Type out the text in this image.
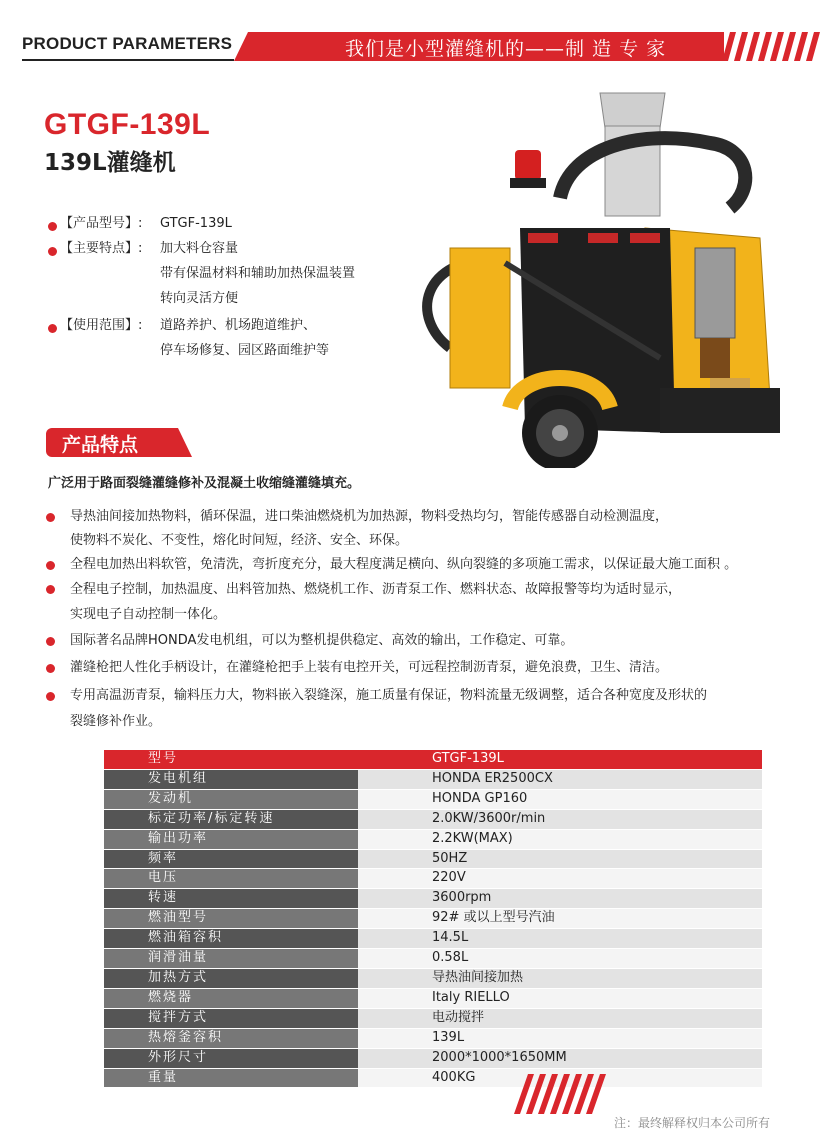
PRODUCT PARAMETERS	我们是小型灌缝机的——制 造 专 家
GTGF-139L
139L灌缝机
【产品型号】: GTGF-139L
【主要特点】: 加大料仓容量
带有保温材料和辅助加热保温装置
转向灵活方便
【使用范围】: 道路养护、机场跑道维护、
停车场修复、园区路面维护等
产品特点
广泛用于路面裂缝灌缝修补及混凝土收缩缝灌缝填充。
导热油间接加热物料，循环保温，进口柴油燃烧机为加热源，物料受热均匀，智能传感器自动检测温度，
使物料不炭化、不变性，熔化时间短，经济、安全、环保。
全程电加热出料软管，免清洗，弯折度充分，最大程度满足横向、纵向裂缝的多项施工需求，以保证最大施工面积 。
全程电子控制，加热温度、出料管加热、燃烧机工作、沥青泵工作、燃料状态、故障报警等均为适时显示，
实现电子自动控制一体化。
国际著名品牌HONDA发电机组，可以为整机提供稳定、高效的输出，工作稳定、可靠。
灌缝枪把人性化手柄设计，在灌缝枪把手上装有电控开关，可远程控制沥青泵，避免浪费，卫生、清洁。
专用高温沥青泵，输料压力大，物料嵌入裂缝深，施工质量有保证，物料流量无级调整，适合各种宽度及形状的
裂缝修补作业。
型号	GTGF-139L
发电机组	HONDA ER2500CX
发动机	HONDA GP160
标定功率/标定转速	2.0KW/3600r/min
输出功率	2.2KW(MAX)
频率	50HZ
电压	220V
转速	3600rpm
燃油型号	92# 或以上型号汽油
燃油箱容积	14.5L
润滑油量	0.58L
加热方式	导热油间接加热
燃烧器	Italy RIELLO
搅拌方式	电动搅拌
热熔釜容积	139L
外形尺寸	2000*1000*1650MM
重量	400KG
注：最终解释权归本公司所有
